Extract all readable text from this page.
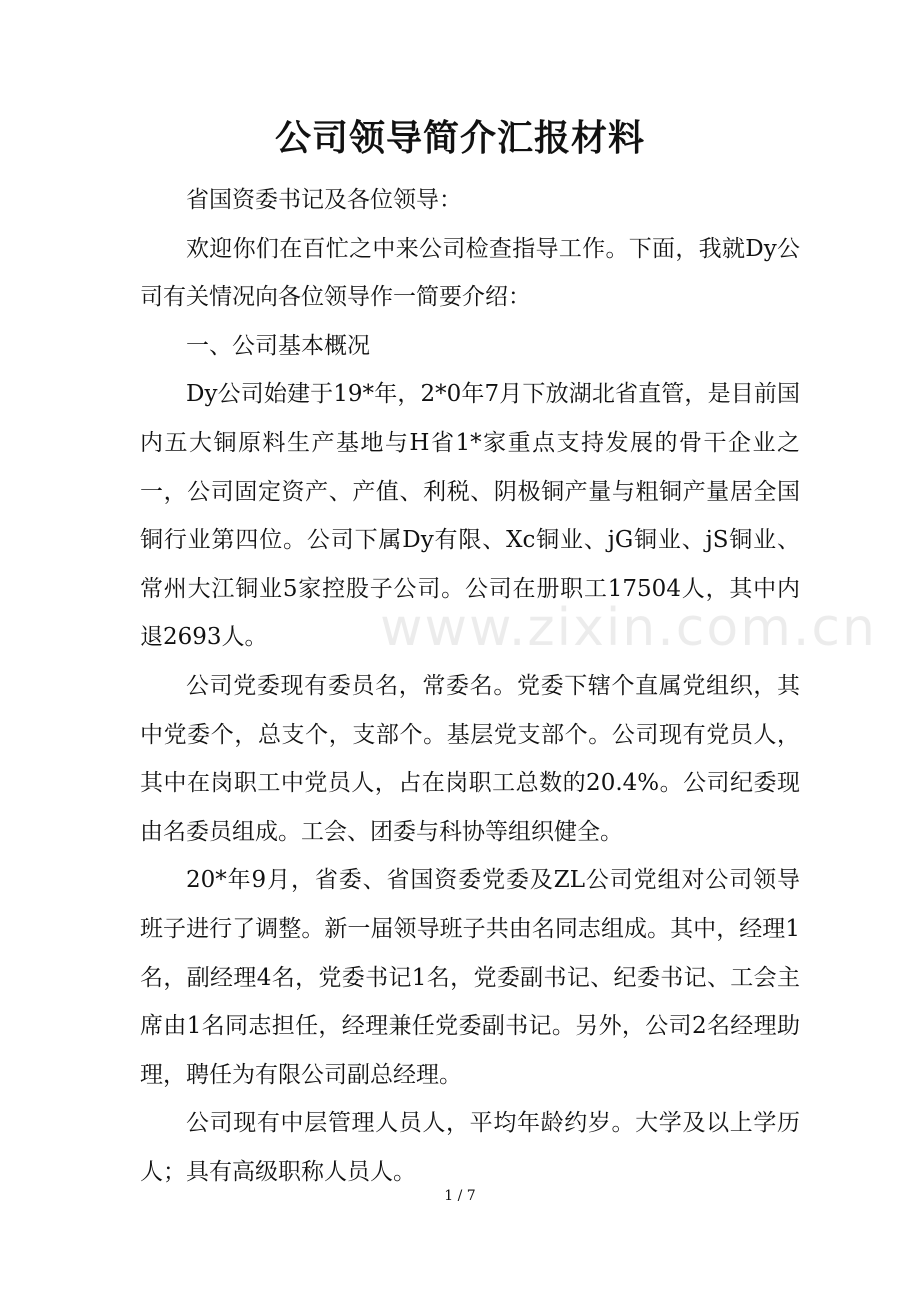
公司领导简介汇报材料

省国资委书记及各位领导：

欢迎你们在百忙之中来公司检查指导工作。下面，我就Dy公司有关情况向各位领导作一简要介绍：

一、公司基本概况

Dy公司始建于19*年，2*0年7月下放湖北省直管，是目前国内五大铜原料生产基地与H省1*家重点支持发展的骨干企业之一，公司固定资产、产值、利税、阴极铜产量与粗铜产量居全国铜行业第四位。公司下属Dy有限、Xc铜业、jG铜业、jS铜业、常州大江铜业5家控股子公司。公司在册职工17504人，其中内退2693人。

公司党委现有委员名，常委名。党委下辖个直属党组织，其中党委个，总支个，支部个。基层党支部个。公司现有党员人，其中在岗职工中党员人，占在岗职工总数的20.4%。公司纪委现由名委员组成。工会、团委与科协等组织健全。

20*年9月，省委、省国资委党委及ZL公司党组对公司领导班子进行了调整。新一届领导班子共由名同志组成。其中，经理1名，副经理4名，党委书记1名，党委副书记、纪委书记、工会主席由1名同志担任，经理兼任党委副书记。另外，公司2名经理助理，聘任为有限公司副总经理。

公司现有中层管理人员人，平均年龄约岁。大学及以上学历人；具有高级职称人员人。

www.zixin.com.cn
1 / 7
